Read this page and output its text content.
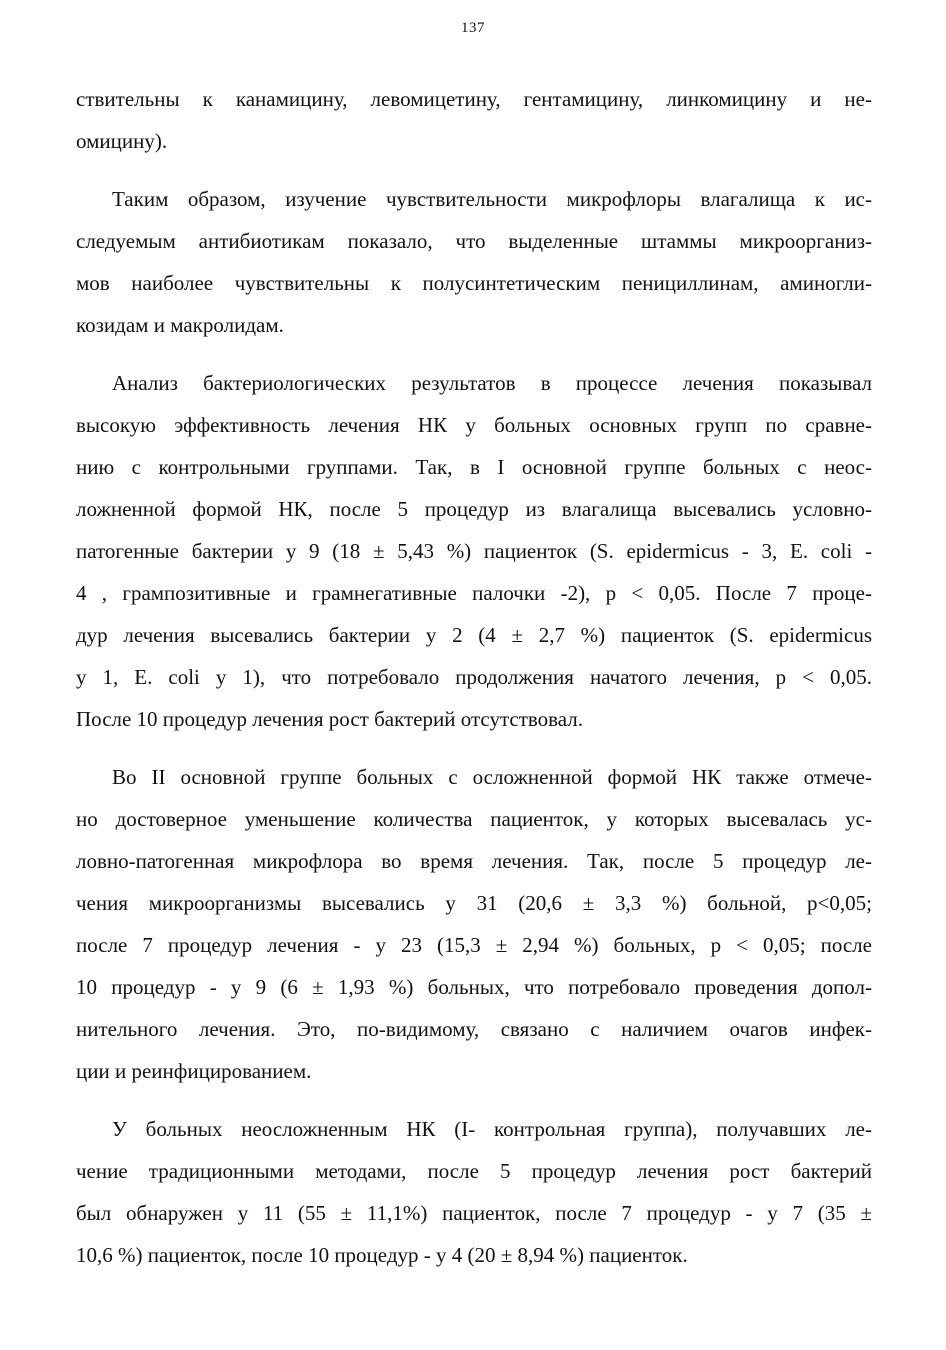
137
ствительны к канамицину, левомицетину, гентамицину, линкомицину и не-
омицину).
Таким образом, изучение чувствительности микрофлоры влагалища к ис-
следуемым антибиотикам показало, что выделенные штаммы микроорганиз-
мов наиболее чувствительны к полусинтетическим пенициллинам, аминогли-
козидам и макролидам.
Анализ бактериологических результатов в процессе лечения показывал
высокую эффективность лечения НК у больных основных групп по сравне-
нию с контрольными группами. Так, в I основной группе больных с неос-
ложненной формой НК, после 5 процедур из влагалища высевались условно-
патогенные бактерии у 9 (18 ± 5,43 %) пациенток (S. epidermicus - 3, E. coli -
4 , грампозитивные и грамнегативные палочки -2), p < 0,05. После 7 проце-
дур лечения высевались бактерии у 2 (4 ± 2,7 %) пациенток (S. epidermicus
у 1, E. coli у 1), что потребовало продолжения начатого лечения, p < 0,05.
После 10 процедур лечения рост бактерий отсутствовал.
Во II основной группе больных с осложненной формой НК также отмече-
но достоверное уменьшение количества пациенток, у которых высевалась ус-
ловно-патогенная микрофлора во время лечения. Так, после 5 процедур ле-
чения микроорганизмы высевались у 31 (20,6 ± 3,3 %) больной, p<0,05;
после 7 процедур лечения - у 23 (15,3 ± 2,94 %) больных, p < 0,05; после
10 процедур - у 9 (6 ± 1,93 %) больных, что потребовало проведения допол-
нительного лечения. Это, по-видимому, связано с наличием очагов инфек-
ции и реинфицированием.
У больных неосложненным НК (I- контрольная группа), получавших ле-
чение традиционными методами, после 5 процедур лечения рост бактерий
был обнаружен у 11 (55 ± 11,1%) пациенток, после 7 процедур - у 7 (35 ±
10,6 %) пациенток, после 10 процедур - у 4 (20 ± 8,94 %) пациенток.
